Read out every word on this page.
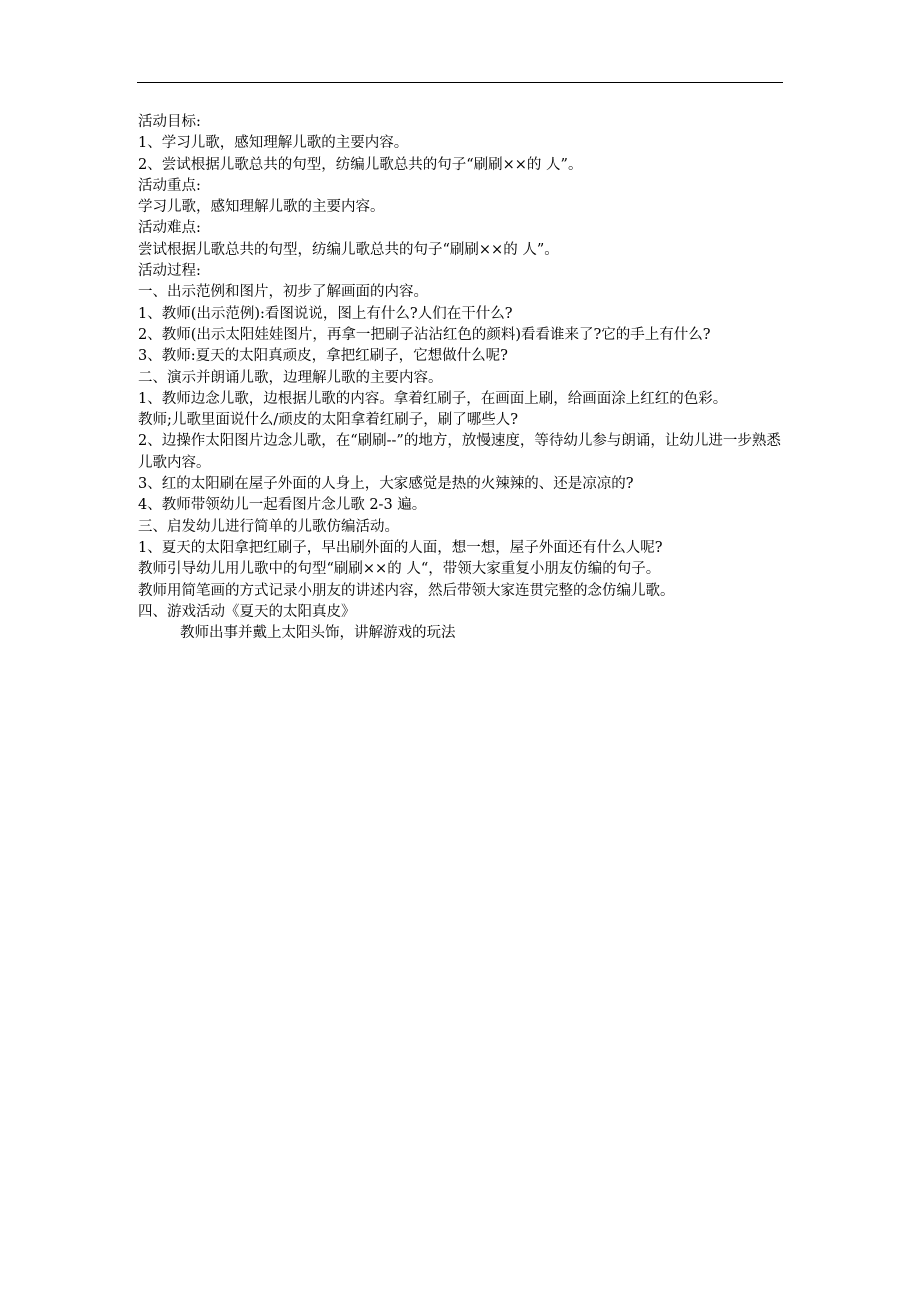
活动目标:

1、学习儿歌，感知理解儿歌的主要内容。

2、尝试根据儿歌总共的句型，纺编儿歌总共的句子“刷刷××的 人”。

活动重点:

学习儿歌，感知理解儿歌的主要内容。

活动难点:

尝试根据儿歌总共的句型，纺编儿歌总共的句子“刷刷××的 人”。

活动过程:

一、出示范例和图片，初步了解画面的内容。

1、教师(出示范例):看图说说，图上有什么?人们在干什么?

2、教师(出示太阳娃娃图片，再拿一把刷子沾沾红色的颜料)看看谁来了?它的手上有什么?

3、教师:夏天的太阳真顽皮，拿把红刷子，它想做什么呢?

二、演示并朗诵儿歌，边理解儿歌的主要内容。

1、教师边念儿歌，边根据儿歌的内容。拿着红刷子，在画面上刷，给画面涂上红红的色彩。

教师;儿歌里面说什么/顽皮的太阳拿着红刷子，刷了哪些人?

2、边操作太阳图片边念儿歌，在“刷刷--”的地方，放慢速度，等待幼儿参与朗诵，让幼儿进一步熟悉儿歌内容。

3、红的太阳刷在屋子外面的人身上，大家感觉是热的火辣辣的、还是凉凉的?

4、教师带领幼儿一起看图片念儿歌 2-3 遍。

三、启发幼儿进行简单的儿歌仿编活动。

1、夏天的太阳拿把红刷子，早出刷外面的人面，想一想，屋子外面还有什么人呢?

教师引导幼儿用儿歌中的句型“刷刷××的 人“，带领大家重复小朋友仿编的句子。

教师用简笔画的方式记录小朋友的讲述内容，然后带领大家连贯完整的念仿编儿歌。

四、游戏活动《夏天的太阳真皮》

教师出事并戴上太阳头饰，讲解游戏的玩法
